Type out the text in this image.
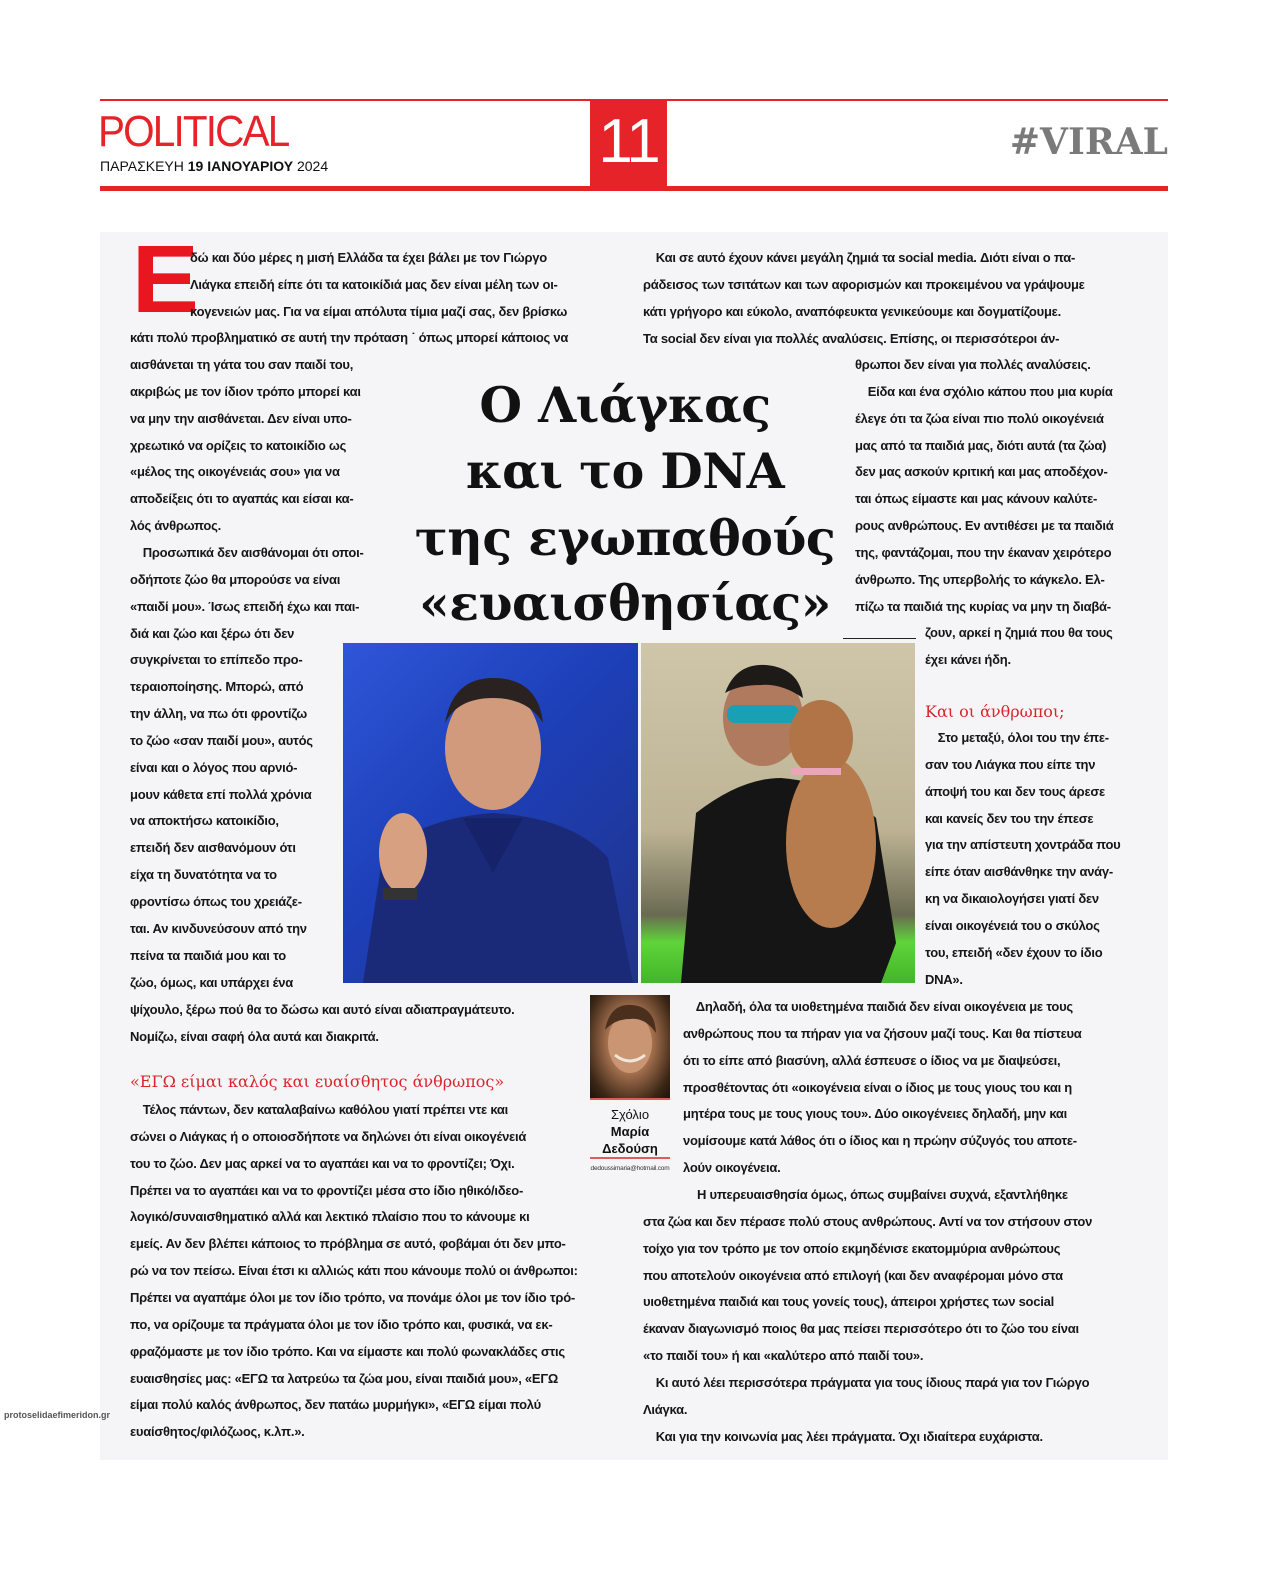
POLITICAL
ΠΑΡΑΣΚΕΥΗ 19 ΙΑΝΟΥΑΡΙΟΥ 2024	11	#VIRAL
Ε
δώ και δύο μέρες η μισή Ελλάδα τα έχει βάλει με τον Γιώργο
Λιάγκα επειδή είπε ότι τα κατοικίδιά μας δεν είναι μέλη των οι-
κογενειών μας. Για να είμαι απόλυτα τίμια μαζί σας, δεν βρίσκω
κάτι πολύ προβληματικό σε αυτή την πρόταση ˙ όπως μπορεί κάποιος να
αισθάνεται τη γάτα του σαν παιδί του,
ακριβώς με τον ίδιον τρόπο μπορεί και
να μην την αισθάνεται. Δεν είναι υπο-
χρεωτικό να ορίζεις το κατοικίδιο ως
«μέλος της οικογένειάς σου» για να
αποδείξεις ότι το αγαπάς και είσαι κα-
λός άνθρωπος.
 Προσωπικά δεν αισθάνομαι ότι οποι-
οδήποτε ζώο θα μπορούσε να είναι
«παιδί μου». Ίσως επειδή έχω και παι-
διά και ζώο και ξέρω ότι δεν
συγκρίνεται το επίπεδο προ-
τεραιοποίησης. Μπορώ, από
την άλλη, να πω ότι φροντίζω
το ζώο «σαν παιδί μου», αυτός
είναι και ο λόγος που αρνιό-
μουν κάθετα επί πολλά χρόνια
να αποκτήσω κατοικίδιο,
επειδή δεν αισθανόμουν ότι
είχα τη δυνατότητα να το
φροντίσω όπως του χρειάζε-
ται. Αν κινδυνεύσουν από την
πείνα τα παιδιά μου και το
ζώο, όμως, και υπάρχει ένα
ψίχουλο, ξέρω πού θα το δώσω και αυτό είναι αδιαπραγμάτευτο.
Νομίζω, είναι σαφή όλα αυτά και διακριτά.
«ΕΓΩ είμαι καλός και ευαίσθητος άνθρωπος»
 Τέλος πάντων, δεν καταλαβαίνω καθόλου γιατί πρέπει ντε και
σώνει ο Λιάγκας ή ο οποιοσδήποτε να δηλώνει ότι είναι οικογένειά
του το ζώο. Δεν μας αρκεί να το αγαπάει και να το φροντίζει; Όχι.
Πρέπει να το αγαπάει και να το φροντίζει μέσα στο ίδιο ηθικό/ιδεο-
λογικό/συναισθηματικό αλλά και λεκτικό πλαίσιο που το κάνουμε κι
εμείς. Αν δεν βλέπει κάποιος το πρόβλημα σε αυτό, φοβάμαι ότι δεν μπο-
ρώ να τον πείσω. Είναι έτσι κι αλλιώς κάτι που κάνουμε πολύ οι άνθρωποι:
Πρέπει να αγαπάμε όλοι με τον ίδιο τρόπο, να πονάμε όλοι με τον ίδιο τρό-
πο, να ορίζουμε τα πράγματα όλοι με τον ίδιο τρόπο και, φυσικά, να εκ-
φραζόμαστε με τον ίδιο τρόπο. Και να είμαστε και πολύ φωνακλάδες στις
ευαισθησίες μας: «ΕΓΩ τα λατρεύω τα ζώα μου, είναι παιδιά μου», «ΕΓΩ
είμαι πολύ καλός άνθρωπος, δεν πατάω μυρμήγκι», «ΕΓΩ είμαι πολύ
ευαίσθητος/φιλόζωος, κ.λπ.».
Ο Λιάγκας
και το DNA
της εγωπαθούς
«ευαισθησίας»
 Και σε αυτό έχουν κάνει μεγάλη ζημιά τα social media. Διότι είναι ο πα-
ράδεισος των τσιτάτων και των αφορισμών και προκειμένου να γράψουμε
κάτι γρήγορο και εύκολο, αναπόφευκτα γενικεύουμε και δογματίζουμε.
Τα social δεν είναι για πολλές αναλύσεις. Επίσης, οι περισσότεροι άν-
θρωποι δεν είναι για πολλές αναλύσεις.
 Είδα και ένα σχόλιο κάπου που μια κυρία
έλεγε ότι τα ζώα είναι πιο πολύ οικογένειά
μας από τα παιδιά μας, διότι αυτά (τα ζώα)
δεν μας ασκούν κριτική και μας αποδέχον-
ται όπως είμαστε και μας κάνουν καλύτε-
ρους ανθρώπους. Εν αντιθέσει με τα παιδιά
της, φαντάζομαι, που την έκαναν χειρότερο
άνθρωπο. Της υπερβολής το κάγκελο. Ελ-
πίζω τα παιδιά της κυρίας να μην τη διαβά-
ζουν, αρκεί η ζημιά που θα τους
έχει κάνει ήδη.
Και οι άνθρωποι;
 Στο μεταξύ, όλοι του την έπε-
σαν του Λιάγκα που είπε την
άποψή του και δεν τους άρεσε
και κανείς δεν του την έπεσε
για την απίστευτη χοντράδα που
είπε όταν αισθάνθηκε την ανάγ-
κη να δικαιολογήσει γιατί δεν
είναι οικογένειά του ο σκύλος
του, επειδή «δεν έχουν το ίδιο
DNA».
 Δηλαδή, όλα τα υιοθετημένα παιδιά δεν είναι οικογένεια με τους
ανθρώπους που τα πήραν για να ζήσουν μαζί τους. Και θα πίστευα
ότι το είπε από βιασύνη, αλλά έσπευσε ο ίδιος να με διαψεύσει,
προσθέτοντας ότι «οικογένεια είναι ο ίδιος με τους γιους του και η
μητέρα τους με τους γιους του». Δύο οικογένειες δηλαδή, μην και
νομίσουμε κατά λάθος ότι ο ίδιος και η πρώην σύζυγός του αποτε-
λούν οικογένεια.
Η υπερευαισθησία όμως, όπως συμβαίνει συχνά, εξαντλήθηκε
στα ζώα και δεν πέρασε πολύ στους ανθρώπους. Αντί να τον στήσουν στον
τοίχο για τον τρόπο με τον οποίο εκμηδένισε εκατομμύρια ανθρώπους
που αποτελούν οικογένεια από επιλογή (και δεν αναφέρομαι μόνο στα
υιοθετημένα παιδιά και τους γονείς τους), άπειροι χρήστες των social
έκαναν διαγωνισμό ποιος θα μας πείσει περισσότερο ότι το ζώο του είναι
«το παιδί του» ή και «καλύτερο από παιδί του».
 Κι αυτό λέει περισσότερα πράγματα για τους ίδιους παρά για τον Γιώργο
Λιάγκα.
 Και για την κοινωνία μας λέει πράγματα. Όχι ιδιαίτερα ευχάριστα.
Σχόλιο
Μαρία
Δεδούση
dedoussimaria@hotmail.com
protoselidaefimeridon.gr
